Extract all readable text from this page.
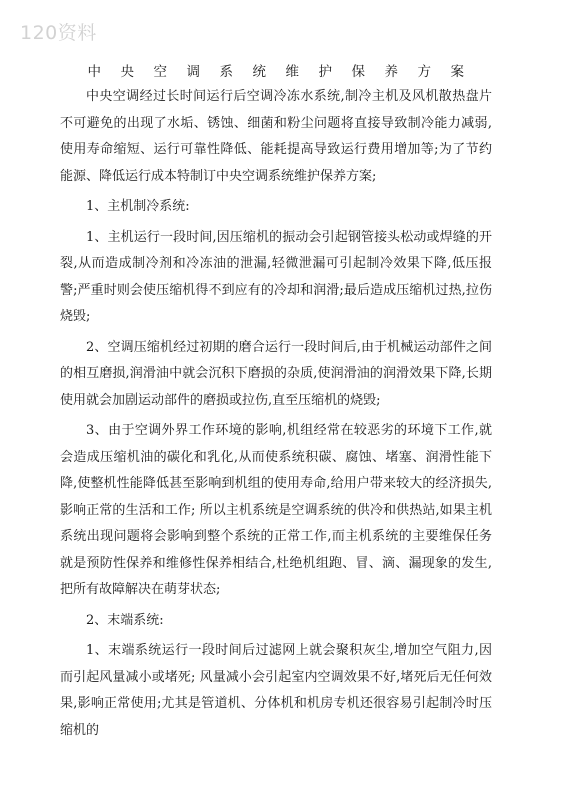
120资料
中央空调系统维护保养方案

中央空调经过长时间运行后空调冷冻水系统,制冷主机及风机散热盘片不可避免的出现了水垢、锈蚀、细菌和粉尘问题将直接导致制冷能力减弱,使用寿命缩短、运行可靠性降低、能耗提高导致运行费用增加等;为了节约能源、降低运行成本特制订中央空调系统维护保养方案;

1、主机制冷系统:

1、主机运行一段时间,因压缩机的振动会引起钢管接头松动或焊缝的开裂,从而造成制冷剂和冷冻油的泄漏,轻微泄漏可引起制冷效果下降,低压报警;严重时则会使压缩机得不到应有的冷却和润滑;最后造成压缩机过热,拉伤烧毁;

2、空调压缩机经过初期的磨合运行一段时间后,由于机械运动部件之间的相互磨损,润滑油中就会沉积下磨损的杂质,使润滑油的润滑效果下降,长期使用就会加剧运动部件的磨损或拉伤,直至压缩机的烧毁;

3、由于空调外界工作环境的影响,机组经常在较恶劣的环境下工作,就会造成压缩机油的碳化和乳化,从而使系统积碳、腐蚀、堵塞、润滑性能下降,使整机性能降低甚至影响到机组的使用寿命,给用户带来较大的经济损失,影响正常的生活和工作; 所以主机系统是空调系统的供冷和供热站,如果主机系统出现问题将会影响到整个系统的正常工作,而主机系统的主要维保任务就是预防性保养和维修性保养相结合,杜绝机组跑、冒、滴、漏现象的发生,把所有故障解决在萌芽状态;

2、末端系统:

1、末端系统运行一段时间后过滤网上就会聚积灰尘,增加空气阻力,因而引起风量减小或堵死; 风量减小会引起室内空调效果不好,堵死后无任何效果,影响正常使用;尤其是管道机、分体机和机房专机还很容易引起制冷时压缩机的
